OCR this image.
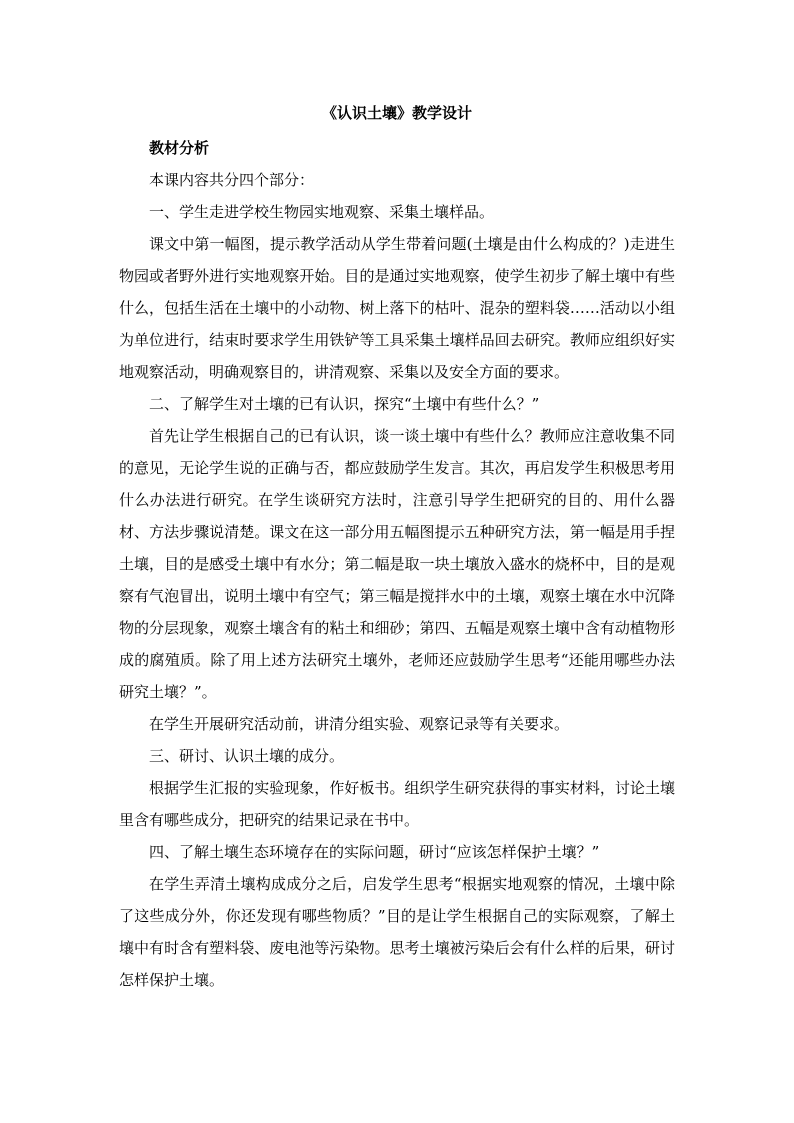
《认识土壤》教学设计

教材分析

本课内容共分四个部分：

一、学生走进学校生物园实地观察、采集土壤样品。

课文中第一幅图，提示教学活动从学生带着问题(土壤是由什么构成的？)走进生物园或者野外进行实地观察开始。目的是通过实地观察，使学生初步了解土壤中有些什么，包括生活在土壤中的小动物、树上落下的枯叶、混杂的塑料袋……活动以小组为单位进行，结束时要求学生用铁铲等工具采集土壤样品回去研究。教师应组织好实地观察活动，明确观察目的，讲清观察、采集以及安全方面的要求。

二、了解学生对土壤的已有认识，探究“土壤中有些什么？”

首先让学生根据自己的已有认识，谈一谈土壤中有些什么？教师应注意收集不同的意见，无论学生说的正确与否，都应鼓励学生发言。其次，再启发学生积极思考用什么办法进行研究。在学生谈研究方法时，注意引导学生把研究的目的、用什么器材、方法步骤说清楚。课文在这一部分用五幅图提示五种研究方法，第一幅是用手捏土壤，目的是感受土壤中有水分；第二幅是取一块土壤放入盛水的烧杯中，目的是观察有气泡冒出，说明土壤中有空气；第三幅是搅拌水中的土壤，观察土壤在水中沉降物的分层现象，观察土壤含有的粘土和细砂；第四、五幅是观察土壤中含有动植物形成的腐殖质。除了用上述方法研究土壤外，老师还应鼓励学生思考“还能用哪些办法研究土壤？”。

在学生开展研究活动前，讲清分组实验、观察记录等有关要求。

三、研讨、认识土壤的成分。

根据学生汇报的实验现象，作好板书。组织学生研究获得的事实材料，讨论土壤里含有哪些成分，把研究的结果记录在书中。

四、了解土壤生态环境存在的实际问题，研讨“应该怎样保护土壤？”

在学生弄清土壤构成成分之后，启发学生思考“根据实地观察的情况，土壤中除了这些成分外，你还发现有哪些物质？”目的是让学生根据自己的实际观察，了解土壤中有时含有塑料袋、废电池等污染物。思考土壤被污染后会有什么样的后果，研讨怎样保护土壤。
